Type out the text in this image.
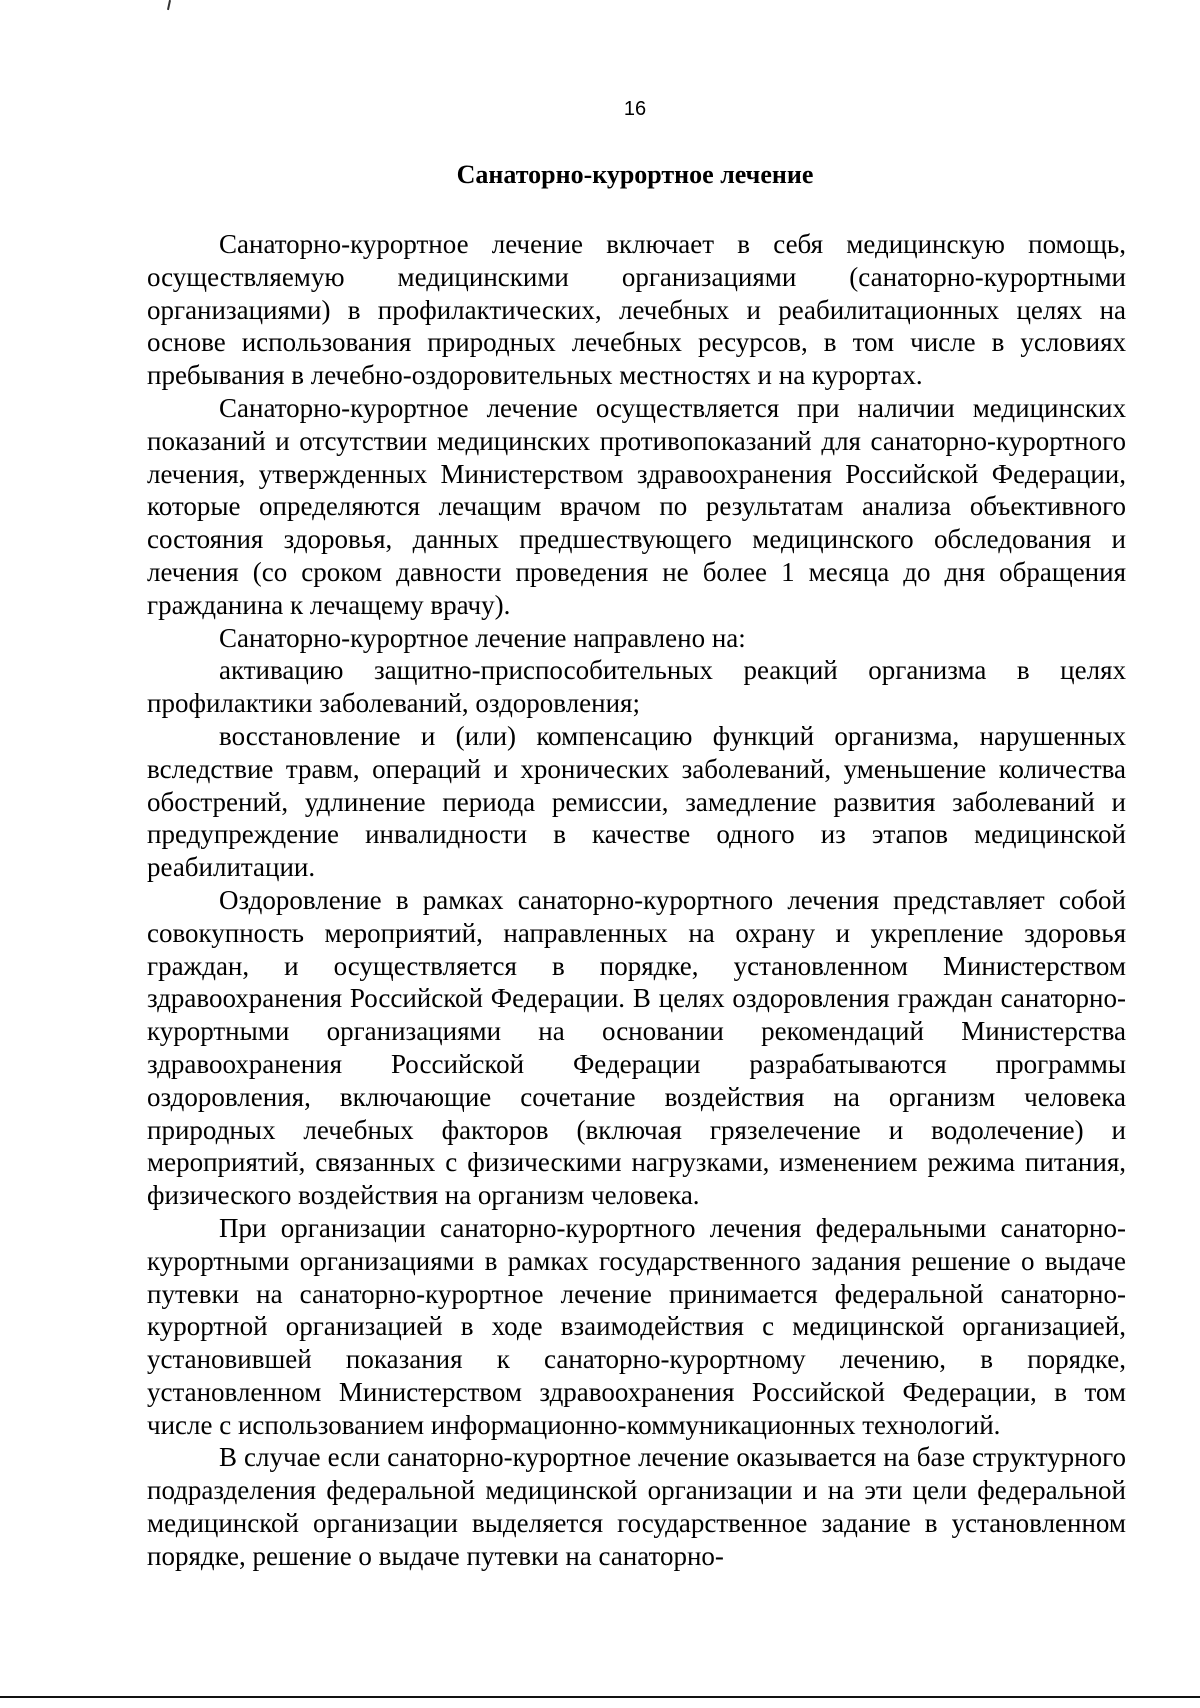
16
Санаторно-курортное лечение

Санаторно-курортное лечение включает в себя медицинскую помощь, осуществляемую медицинскими организациями (санаторно-курортными организациями) в профилактических, лечебных и реабилитационных целях на основе использования природных лечебных ресурсов, в том числе в условиях пребывания в лечебно-оздоровительных местностях и на курортах.

Санаторно-курортное лечение осуществляется при наличии медицинских показаний и отсутствии медицинских противопоказаний для санаторно-курортного лечения, утвержденных Министерством здравоохранения Российской Федерации, которые определяются лечащим врачом по результатам анализа объективного состояния здоровья, данных предшествующего медицинского обследования и лечения (со сроком давности проведения не более 1 месяца до дня обращения гражданина к лечащему врачу).

Санаторно-курортное лечение направлено на:

активацию защитно-приспособительных реакций организма в целях профилактики заболеваний, оздоровления;

восстановление и (или) компенсацию функций организма, нарушенных вследствие травм, операций и хронических заболеваний, уменьшение количества обострений, удлинение периода ремиссии, замедление развития заболеваний и предупреждение инвалидности в качестве одного из этапов медицинской реабилитации.

Оздоровление в рамках санаторно-курортного лечения представляет собой совокупность мероприятий, направленных на охрану и укрепление здоровья граждан, и осуществляется в порядке, установленном Министерством здравоохранения Российской Федерации. В целях оздоровления граждан санаторно-курортными организациями на основании рекомендаций Министерства здравоохранения Российской Федерации разрабатываются программы оздоровления, включающие сочетание воздействия на организм человека природных лечебных факторов (включая грязелечение и водолечение) и мероприятий, связанных с физическими нагрузками, изменением режима питания, физического воздействия на организм человека.

При организации санаторно-курортного лечения федеральными санаторно-курортными организациями в рамках государственного задания решение о выдаче путевки на санаторно-курортное лечение принимается федеральной санаторно-курортной организацией в ходе взаимодействия с медицинской организацией, установившей показания к санаторно-курортному лечению, в порядке, установленном Министерством здравоохранения Российской Федерации, в том числе с использованием информационно-коммуникационных технологий.

В случае если санаторно-курортное лечение оказывается на базе структурного подразделения федеральной медицинской организации и на эти цели федеральной медицинской организации выделяется государственное задание в установленном порядке, решение о выдаче путевки на санаторно-
